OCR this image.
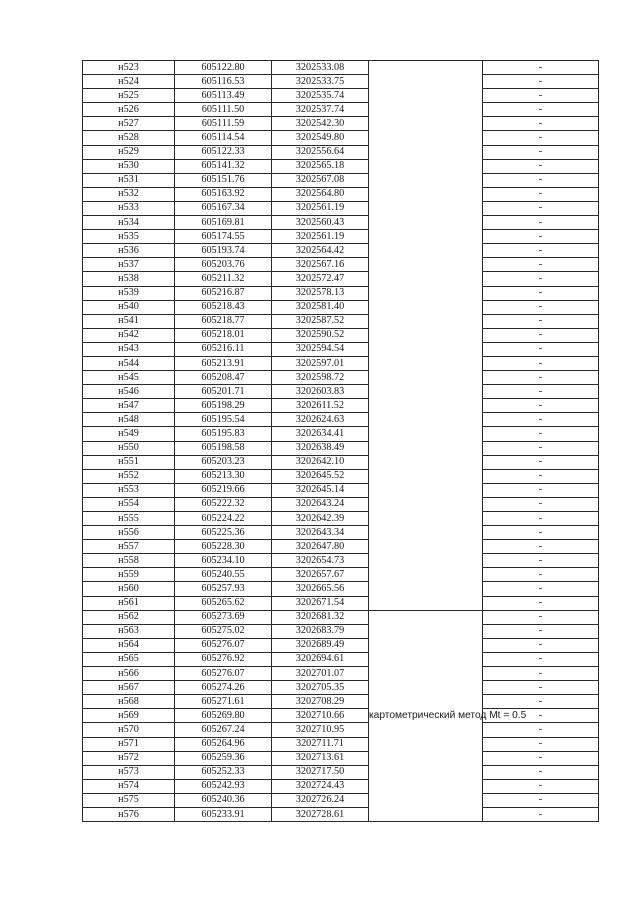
н523	605122.80	3202533.08		-
н524	605116.53	3202533.75		-
н525	605113.49	3202535.74		-
н526	605111.50	3202537.74		-
н527	605111.59	3202542.30		-
н528	605114.54	3202549.80		-
н529	605122.33	3202556.64		-
н530	605141.32	3202565.18		-
н531	605151.76	3202567.08		-
н532	605163.92	3202564.80		-
н533	605167.34	3202561.19		-
н534	605169.81	3202560.43		-
н535	605174.55	3202561.19		-
н536	605193.74	3202564.42		-
н537	605203.76	3202567.16		-
н538	605211.32	3202572.47		-
н539	605216.87	3202578.13		-
н540	605218.43	3202581.40		-
н541	605218.77	3202587.52		-
н542	605218.01	3202590.52		-
н543	605216.11	3202594.54		-
н544	605213.91	3202597.01		-
н545	605208.47	3202598.72		-
н546	605201.71	3202603.83		-
н547	605198.29	3202611.52		-
н548	605195.54	3202624.63		-
н549	605195.83	3202634.41		-
н550	605198.58	3202638.49		-
н551	605203.23	3202642.10		-
н552	605213.30	3202645.52		-
н553	605219.66	3202645.14		-
н554	605222.32	3202643.24		-
н555	605224.22	3202642.39		-
н556	605225.36	3202643.34		-
н557	605228.30	3202647.80		-
н558	605234.10	3202654.73		-
н559	605240.55	3202657.67		-
н560	605257.93	3202665.56		-
н561	605265.62	3202671.54		-
н562	605273.69	3202681.32	картометрический метод Mt = 0.5	-
н563	605275.02	3202683.79		-
н564	605276.07	3202689.49		-
н565	605276.92	3202694.61		-
н566	605276.07	3202701.07		-
н567	605274.26	3202705.35		-
н568	605271.61	3202708.29		-
н569	605269.80	3202710.66		-
н570	605267.24	3202710.95		-
н571	605264.96	3202711.71		-
н572	605259.36	3202713.61		-
н573	605252.33	3202717.50		-
н574	605242.93	3202724.43		-
н575	605240.36	3202726.24		-
н576	605233.91	3202728.61		-
